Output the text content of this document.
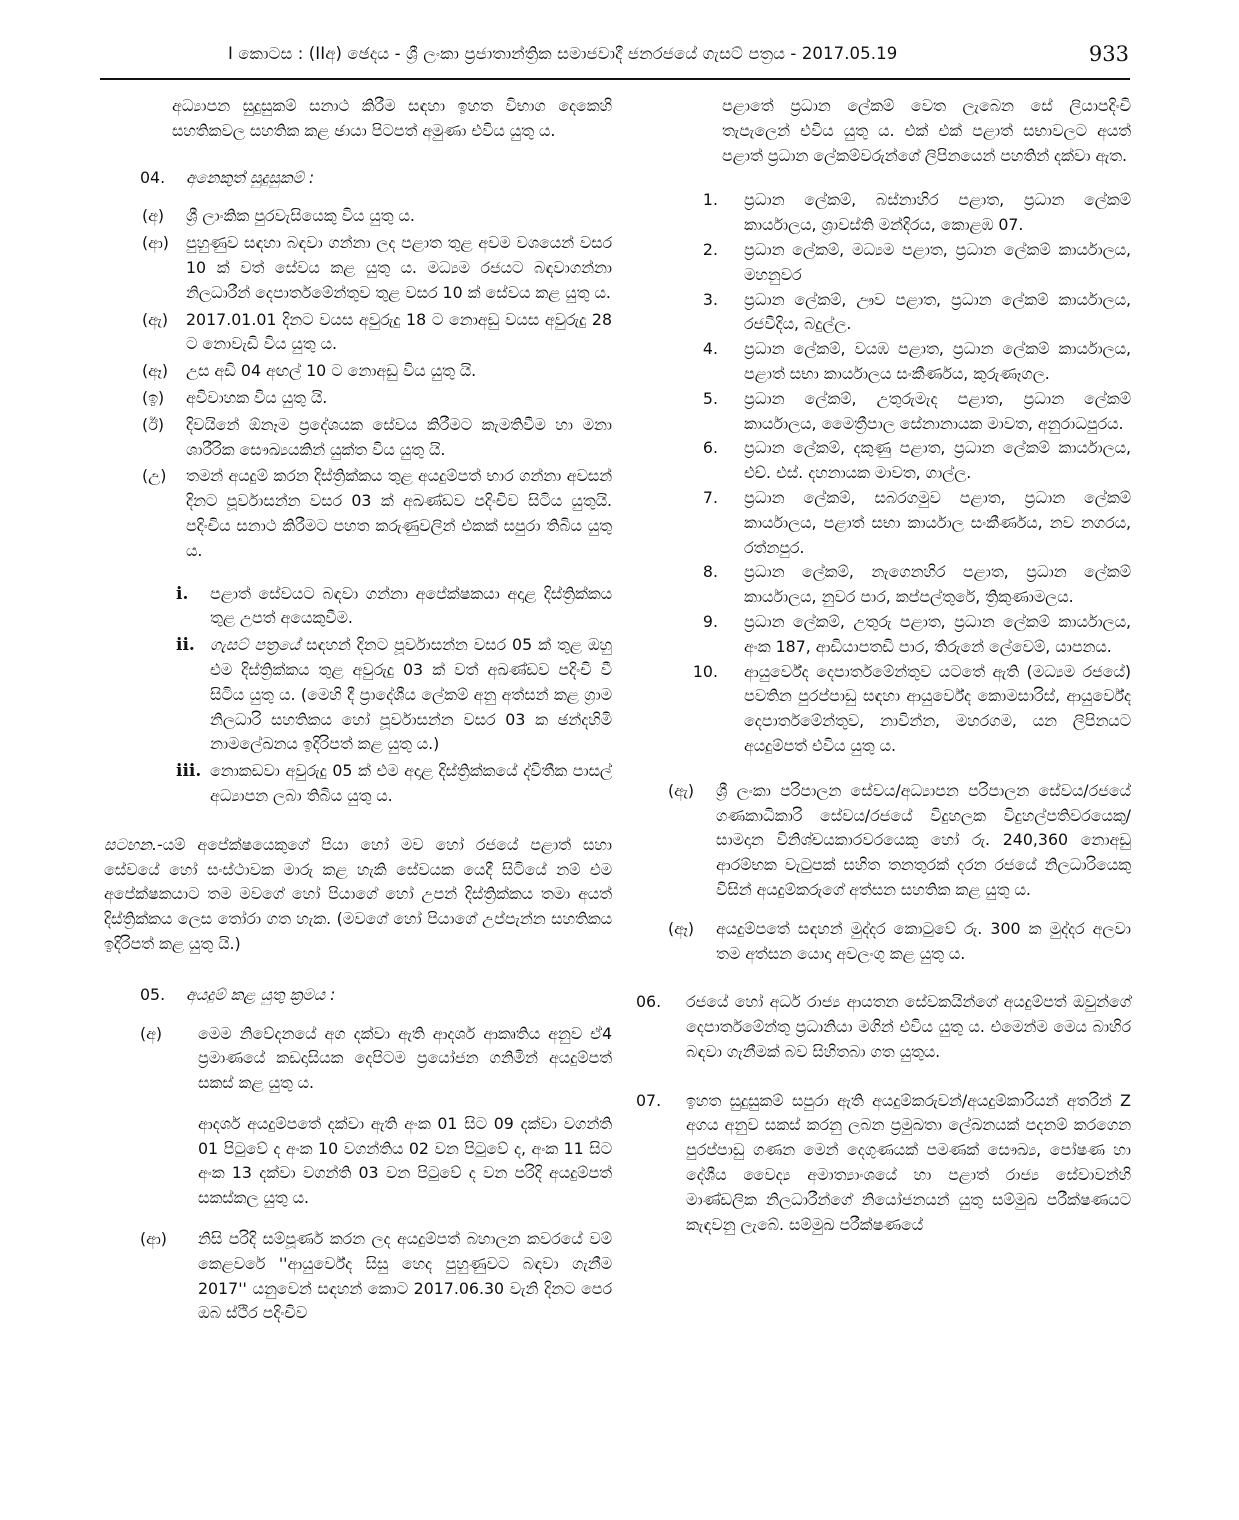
I කොටස : (IIඅ) ඡෙදය - ශ්‍රී ලංකා ප්‍රජාතාන්ත්‍රික සමාජවාදී ජනරජයේ ගැසට් පත්‍රය - 2017.05.19	933

අධ්‍යාපන සුදුසුකම් සනාථ කිරීම සඳහා ඉහත විභාග දෙකෙහි සහතිකවල සහතික කළ ඡායා පිටපත් අමුණා එවිය යුතු ය.

04.	අනෙකුත් සුදුසුකම් :
(අ)	ශ්‍රී ලාංකික පුරවැසියෙකු විය යුතු ය.
(ආ)	පුහුණුව සඳහා බඳවා ගන්නා ලද පළාත තුළ අවම වශයෙන් වසර 10 ක් වත් සේවය කළ යුතු ය. මධ්‍යම රජයට බඳවාගන්නා නිලධාරීන් දෙපාර්තමේන්තුව තුළ වසර 10 ක් සේවය කළ යුතු ය.
(ඇ)	2017.01.01 දිනට වයස අවුරුදු 18 ට නොඅඩු වයස අවුරුදු 28 ට නොවැඩි විය යුතු ය.
(ඈ)	උස අඩි 04 අඟල් 10 ට නොඅඩු විය යුතු යි.
(ඉ)	අවිවාහක විය යුතු යි.
(ඊ)	දිවයිනේ ඕනෑම ප්‍රදේශයක සේවය කිරීමට කැමතිවීම හා මනා ශාරීරික සෞඛ්‍යයකින් යුක්ත විය යුතු යි.
(උ)	තමන් අයදුම් කරන දිස්ත්‍රික්කය තුළ අයදුම්පත් භාර ගන්නා අවසන් දිනට පූර්වාසන්න වසර 03 ක් අඛණ්ඩව පදිංචිව සිටිය යුතුයි. පදිංචිය සනාථ කිරීමට පහත කරුණුවලින් එකක් සපුරා තිබිය යුතු ය.
i.	පළාත් සේවයට බඳවා ගන්නා අපේක්ෂකයා අදාළ දිස්ත්‍රික්කය තුළ උපත් අයෙකුවීම.
ii. ගැසට් පත්‍රයේ සඳහන් දිනට පූර්වාසන්න වසර 05 ක් තුළ ඔහු එම දිස්ත්‍රික්කය තුළ අවුරුදු 03 ක් වත් අඛණ්ඩව පදිංචි වී සිටිය යුතු ය. (මෙහි දී ප්‍රාදේශීය ලේකම් අනු අත්සන් කළ ග්‍රාම නිලධාරි සහතිකය හෝ පූර්වාසන්න වසර 03 ක ඡන්දහිමි නාමලේඛනය ඉදිරිපත් කළ යුතු ය.)
iii. නොකඩවා අවුරුදු 05 ක් එම අදාළ දිස්ත්‍රික්කයේ ද්විතීක පාසල් අධ්‍යාපන ලබා තිබිය යුතු ය.

සටහන.-යම් අපේක්ෂයෙකුගේ පියා හෝ මව හෝ රජයේ පළාත් සහා සේවයේ හෝ සංස්ථාවක මාරු කළ හැකි සේවයක යෙදී සිටියේ නම් එම අපේක්ෂකයාට තම මවගේ හෝ පියාගේ හෝ උපන් දිස්ත්‍රික්කය තමා අයත් දිස්ත්‍රික්කය ලෙස තෝරා ගත හැක. (මවගේ හෝ පියාගේ උප්පැන්න සහතිකය ඉදිරිපත් කළ යුතු යි.)

05.	අයදුම් කළ යුතු ක්‍රමය :
(අ)	මෙම නිවේදනයේ අග දක්වා ඇති ආදර්ශ ආකෘතිය අනුව ඒ4 ප්‍රමාණයේ කඩදාසියක දෙපිටම ප්‍රයෝජන ගනිමින් අයදුම්පත් සකස් කළ යුතු ය.

ආදර්ශ අයදුම්පතේ දක්වා ඇති අංක 01 සිට 09 දක්වා වගන්ති 01 පිටුවේ ද අංක 10 වගන්තිය 02 වන පිටුවේ ද, අංක 11 සිට අංක 13 දක්වා වගන්ති 03 වන පිටුවේ ද වන පරිදි අයදුම්පත් සකස්කල යුතු ය.

(ආ)	නිසි පරිදි සම්පූර්ණ කරන ලද අයදුම්පත් බහාලන කවරයේ වම් කෙළවරේ ''ආයුර්වේද සිසු හෙද පුහුණුවට බඳවා ගැනීම 2017'' යනුවෙන් සඳහන් කොට 2017.06.30 වැනි දිනට පෙර ඔබ ස්ථිර පදිංචිව

පළාතේ ප්‍රධාන ලේකම් වෙත ලැබෙන සේ ලියාපදිංචි තැපැලෙන් එවිය යුතු ය. එක් එක් පළාත් සභාවලට අයත් පළාත් ප්‍රධාන ලේකම්වරුන්ගේ ලිපිනයෙන් පහතින් දක්වා ඇත.

1.	ප්‍රධාන ලේකම්, බස්නාහිර පළාත, ප්‍රධාන ලේකම් කාර්යාලය, ශ්‍රාවස්ති මන්දිරය, කොළඹ 07.
2.	ප්‍රධාන ලේකම්, මධ්‍යම පළාත, ප්‍රධාන ලේකම් කාර්යාලය, මහනුවර
3.	ප්‍රධාන ලේකම්, ඌව පළාත, ප්‍රධාන ලේකම් කාර්යාලය, රජවීදිය, බදුල්ල.
4.	ප්‍රධාන ලේකම්, වයඹ පළාත, ප්‍රධාන ලේකම් කාර්යාලය, පළාත් සභා කාර්යාලය සංකීර්ණය, කුරුණෑගල.
5.	ප්‍රධාන ලේකම්, උතුරුමැද පළාත, ප්‍රධාන ලේකම් කාර්යාලය, මෛත්‍රීපාල සේනානායක මාවත, අනුරාධපුරය.
6.	ප්‍රධාන ලේකම්, දකුණු පළාත, ප්‍රධාන ලේකම් කාර්යාලය, එච්. එස්. දහනායක මාවත, ගාල්ල.
7.	ප්‍රධාන ලේකම්, සබරගමුව පළාත, ප්‍රධාන ලේකම් කාර්යාලය, පළාත් සභා කාර්යාල සංකීර්ණය, නව නගරය, රත්නපුර.
8.	ප්‍රධාන ලේකම්, නැගෙනහිර පළාත, ප්‍රධාන ලේකම් කාර්යාලය, නුවර පාර, කප්පල්තුරේ, ත්‍රිකුණාමලය.
9.	ප්‍රධාන ලේකම්, උතුරු පළාත, ප්‍රධාන ලේකම් කාර්යාලය, අංක 187, ආඩියාපතඩි පාර, තිරුනේ ලේවෙම්, යාපනය.
10.	ආයුර්වේද දෙපාර්තමේන්තුව යටතේ ඇති (මධ්‍යම රජයේ) පවතින පුරප්පාඩු සඳහා ආයුර්වේද කොමසාරිස්, ආයුර්වේද දෙපාර්තමේන්තුව, නාවින්න, මහරගම, යන ලිපිනයට අයදුම්පත් එවිය යුතු ය.
(ඇ)	ශ්‍රී ලංකා පරිපාලන සේවය/අධ්‍යාපන පරිපාලන සේවය/රජයේ ගණකාධිකාරි සේවය/රජයේ විදුහලක විදුහල්පතිවරයෙකු/සාමදාන විනිශ්චයකාරවරයෙකු හෝ රු. 240,360 නොඅඩු ආරම්භක වැටුපක් සහිත තනතුරක් දරන රජයේ නිලධාරියෙකු විසින් අයදුම්කරුගේ අත්සන සහතික කළ යුතු ය.
(ඈ)	අයදුම්පතේ සඳහන් මුද්දර කොටුවේ රු. 300 ක මුද්දර අලවා තම අත්සන යොදා අවලංගු කළ යුතු ය.
06.	රජයේ හෝ අර්ධ රාජ්‍ය ආයතන සේවකයින්ගේ අයදුම්පත් ඔවුන්ගේ දෙපාර්තමේන්තු ප්‍රධානියා මගින් එවිය යුතු ය. එමෙන්ම මෙය බාහිර බඳවා ගැනීමක් බව සිහිතබා ගත යුතුය.
07.	ඉහත සුදුසුකම් සපුරා ඇති අයදුම්කරුවන්/අයදුම්කාරියන් අතරින් Z අගය අනුව සකස් කරනු ලබන ප්‍රමුඛතා ලේඛනයක් පදනම් කරගෙන පුරප්පාඩු ගණන මෙන් දෙගුණයක් පමණක් සෞඛ්‍ය, පෝෂණ හා දේශීය වෛද්‍ය අමාත්‍යාංශයේ හා පළාත් රාජ්‍ය සේවාවන්හි මාණ්ඩලික නිලධාරීන්ගේ නියෝජනයන් යුතු සම්මුඛ පරීක්ෂණයට කැඳවනු ලැබේ. සම්මුඛ පරීක්ෂණයේ
